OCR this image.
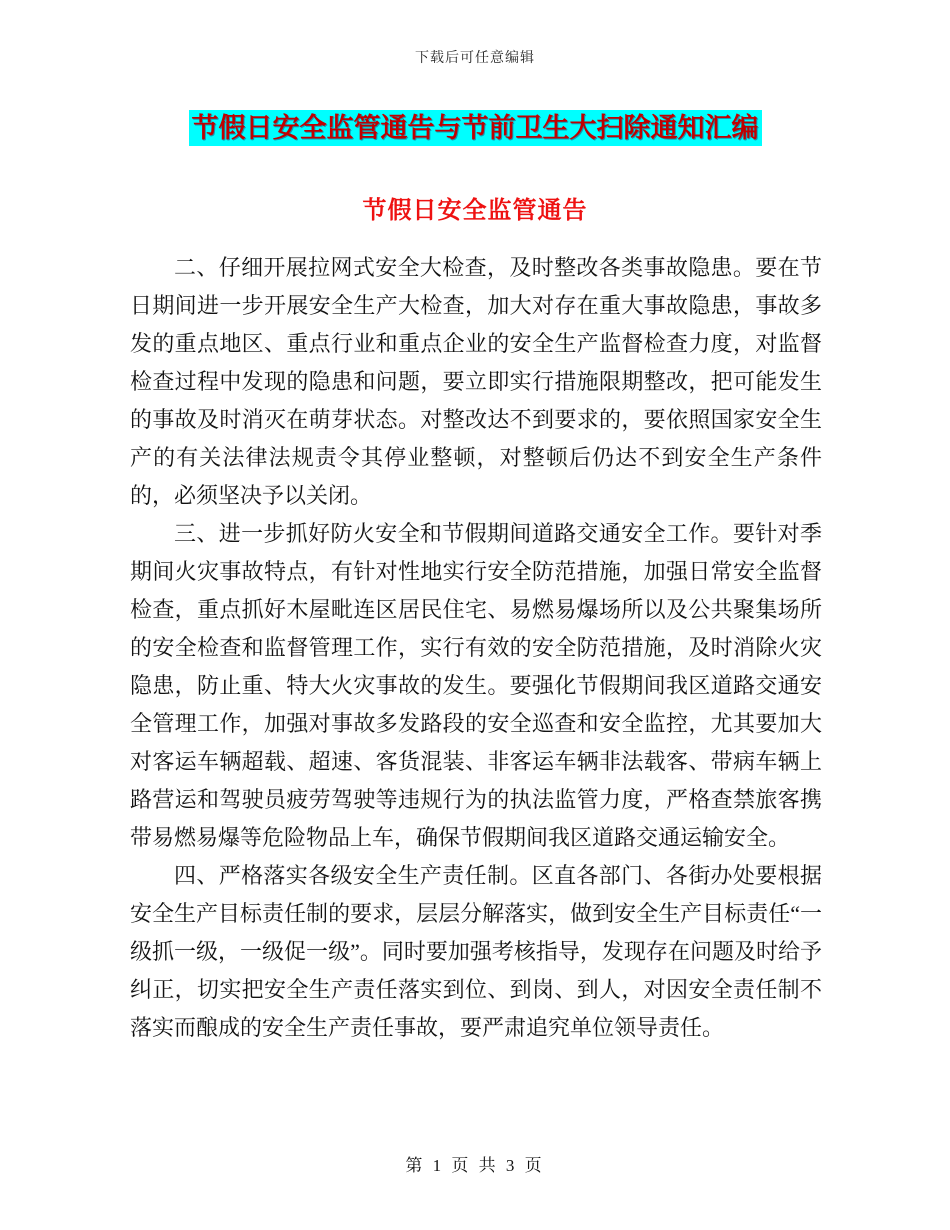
下载后可任意编辑
节假日安全监管通告与节前卫生大扫除通知汇编
节假日安全监管通告

二、仔细开展拉网式安全大检查，及时整改各类事故隐患。要在节日期间进一步开展安全生产大检查，加大对存在重大事故隐患，事故多发的重点地区、重点行业和重点企业的安全生产监督检查力度，对监督检查过程中发现的隐患和问题，要立即实行措施限期整改，把可能发生的事故及时消灭在萌芽状态。对整改达不到要求的，要依照国家安全生产的有关法律法规责令其停业整顿，对整顿后仍达不到安全生产条件的，必须坚决予以关闭。

三、进一步抓好防火安全和节假期间道路交通安全工作。要针对季期间火灾事故特点，有针对性地实行安全防范措施，加强日常安全监督检查，重点抓好木屋毗连区居民住宅、易燃易爆场所以及公共聚集场所的安全检查和监督管理工作，实行有效的安全防范措施，及时消除火灾隐患，防止重、特大火灾事故的发生。要强化节假期间我区道路交通安全管理工作，加强对事故多发路段的安全巡查和安全监控，尤其要加大对客运车辆超载、超速、客货混装、非客运车辆非法载客、带病车辆上路营运和驾驶员疲劳驾驶等违规行为的执法监管力度，严格查禁旅客携带易燃易爆等危险物品上车，确保节假期间我区道路交通运输安全。

四、严格落实各级安全生产责任制。区直各部门、各街办处要根据安全生产目标责任制的要求，层层分解落实，做到安全生产目标责任“一级抓一级，一级促一级”。同时要加强考核指导，发现存在问题及时给予纠正，切实把安全生产责任落实到位、到岗、到人，对因安全责任制不落实而酿成的安全生产责任事故，要严肃追究单位领导责任。

第 1 页 共 3 页
